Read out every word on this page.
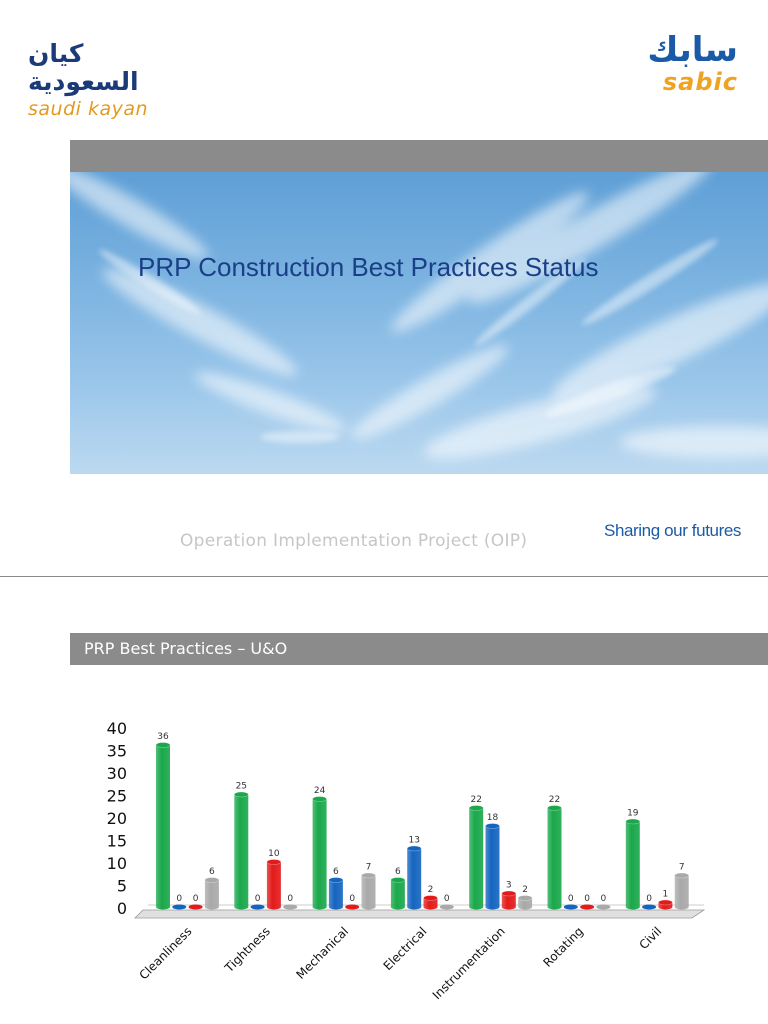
كيان السعودية
saudi kayan
سابك
sabic
PRP Construction Best Practices Status
Operation Implementation Project (OIP)
Sharing our futures
PRP Best Practices – U&O
0
5
10
15
20
25
30
35
40	36
0 0
6
25
0
10
0
24
6
0
7	6
13
2
0
22
18
3 2
22
0 0 0
19
0 1
7
Cleanliness Tightness Mechanical Electrical Instrumentation	Rotating	Civil
